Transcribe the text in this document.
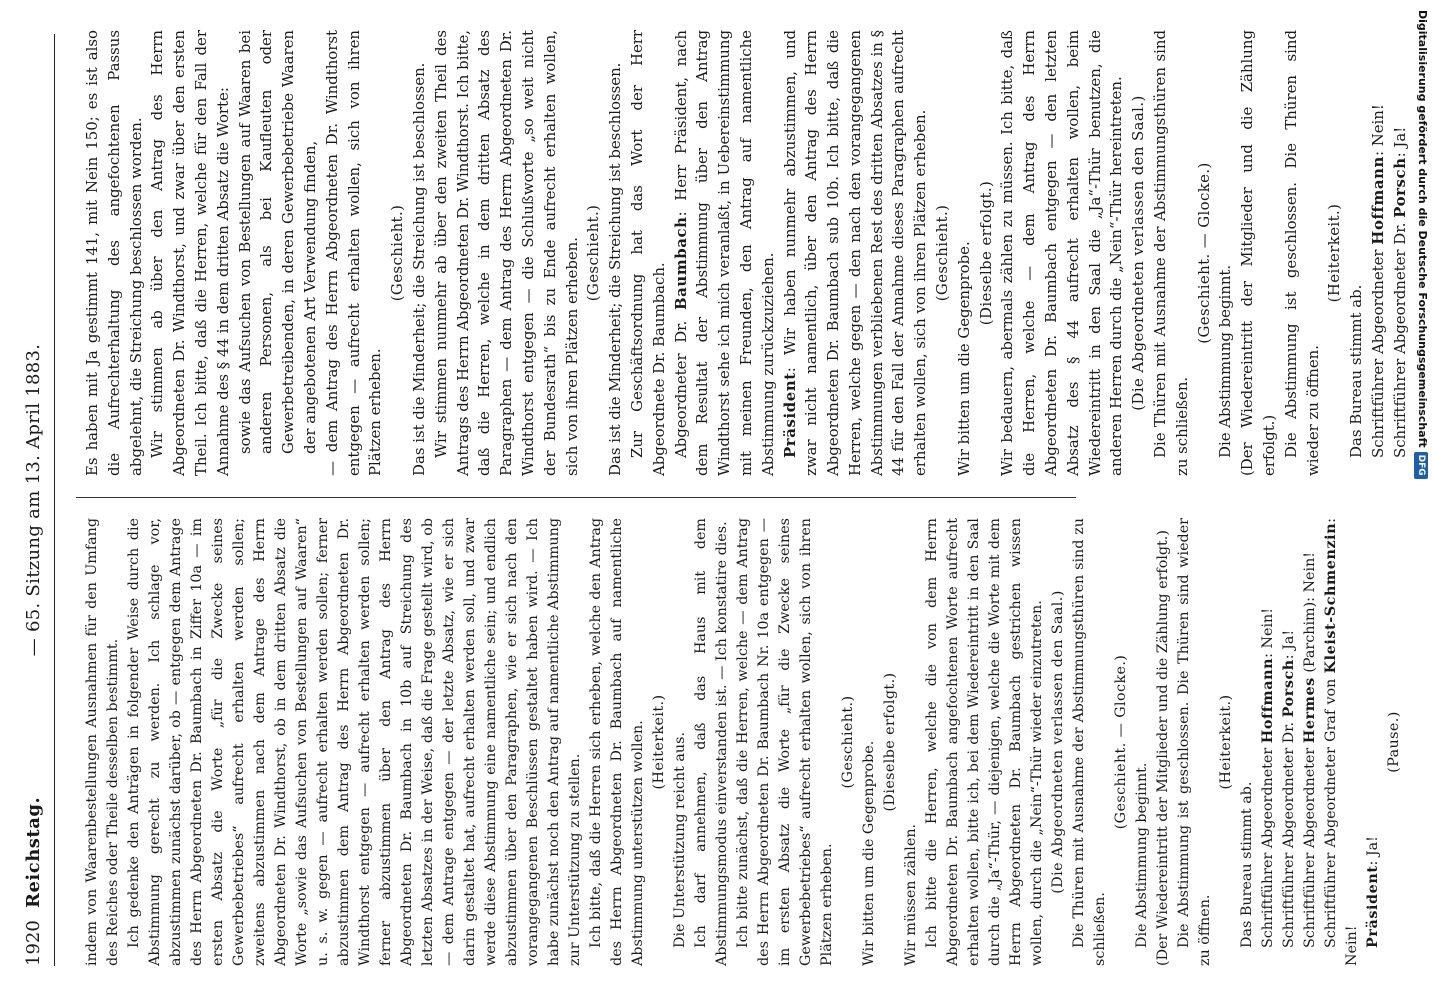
1920
Reichstag.
— 65. Sitzung am 13. April 1883.

indem von Waarenbestellungen Ausnahmen für den Umfang des Reiches oder Theile desselben bestimmt. Ich gedenke den Anträgen in folgender Weise durch die Abstimmung gerecht zu werden. Ich schlage vor, abzustimmen zunächst darüber, ob — entgegen dem Antrage des Herrn Abgeordneten Dr. Baumbach in Ziffer 10a — im ersten Absatz die Worte „für die Zwecke seines Gewerbebetriebes“ aufrecht erhalten werden sollen; zweitens abzustimmen nach dem Antrage des Herrn Abgeordneten Dr. Windthorst, ob in dem dritten Absatz die Worte „sowie das Aufsuchen von Bestellungen auf Waaren“ u. s. w. gegen — aufrecht erhalten werden sollen; ferner abzustimmen dem Antrag des Herrn Abgeordneten Dr. Windthorst entgegen — aufrecht erhalten werden sollen; ferner abzustimmen über den Antrag des Herrn Abgeordneten Dr. Baumbach in 10b auf Streichung des letzten Absatzes in der Weise, daß die Frage gestellt wird, ob — dem Antrage entgegen — der letzte Absatz, wie er sich darin gestaltet hat, aufrecht erhalten werden soll, und zwar werde diese Abstimmung eine namentliche sein; und endlich abzustimmen über den Paragraphen, wie er sich nach den vorangegangenen Beschlüssen gestaltet haben wird. — Ich habe zunächst noch den Antrag auf namentliche Abstimmung zur Unterstützung zu stellen. Ich bitte, daß die Herren sich erheben, welche den Antrag des Herrn Abgeordneten Dr. Baumbach auf namentliche Abstimmung unterstützen wollen. (Heiterkeit.) Die Unterstützung reicht aus. Ich darf annehmen, daß das Haus mit dem Abstimmungsmodus einverstanden ist. — Ich konstatire dies. Ich bitte zunächst, daß die Herren, welche — dem Antrag des Herrn Abgeordneten Dr. Baumbach Nr. 10a entgegen — im ersten Absatz die Worte „für die Zwecke seines Gewerbebetriebes“ aufrecht erhalten wollen, sich von ihren Plätzen erheben.

(Geschieht.) Wir bitten um die Gegenprobe. (Dieselbe erfolgt.)

Wir müssen zählen. Ich bitte die Herren, welche die von dem Herrn Abgeordneten Dr. Baumbach angefochtenen Worte aufrecht erhalten wollen, bitte ich, bei dem Wiedereintritt in den Saal durch die „Ja“-Thür, — diejenigen, welche die Worte mit dem Herrn Abgeordneten Dr. Baumbach gestrichen wissen wollen, durch die „Nein“-Thür wieder einzutreten. (Die Abgeordneten verlassen den Saal.) Die Thüren mit Ausnahme der Abstimmungsthüren sind zu schließen.

(Geschieht. — Glocke.)

Die Abstimmung beginnt. (Der Wiedereintritt der Mitglieder und die Zählung erfolgt.) Die Abstimmung ist geschlossen. Die Thüren sind wieder zu öffnen.

(Heiterkeit.)

Das Bureau stimmt ab. Schriftführer Abgeordneter Hoffmann: Nein!

Schriftführer Abgeordneter Dr. Porsch: Ja!

Schriftführer Abgeordneter Hermes (Parchim): Nein!

Schriftführer Abgeordneter Graf von Kleist-Schmenzin: Nein! Präsident: Ja!

(Pause.)

Es haben mit Ja gestimmt 141, mit Nein 150; es ist also die Aufrechterhaltung des angefochtenen Passus abgelehnt, die Streichung beschlossen worden. Wir stimmen ab über den Antrag des Herrn Abgeordneten Dr. Windthorst, und zwar über den ersten Theil. Ich bitte, daß die Herren, welche für den Fall der Annahme des § 44 in dem dritten Absatz die Worte: sowie das Aufsuchen von Bestellungen auf Waaren bei anderen Personen, als bei Kaufleuten oder Gewerbetreibenden, in deren Gewerbebetriebe Waaren der angebotenen Art Verwendung finden, — dem Antrag des Herrn Abgeordneten Dr. Windthorst entgegen — aufrecht erhalten wollen, sich von ihren Plätzen erheben.

(Geschieht.) Das ist die Minderheit; die Streichung ist beschlossen. Wir stimmen nunmehr ab über den zweiten Theil des Antrags des Herrn Abgeordneten Dr. Windthorst. Ich bitte, daß die Herren, welche in dem dritten Absatz des Paragraphen — dem Antrag des Herrn Abgeordneten Dr. Windthorst entgegen — die Schlußworte „so weit nicht der Bundesrath“ bis zu Ende aufrecht erhalten wollen, sich von ihren Plätzen erheben. (Geschieht.) Das ist die Minderheit; die Streichung ist beschlossen. Zur Geschäftsordnung hat das Wort der Herr Abgeordnete Dr. Baumbach. Abgeordneter Dr. Baumbach: Herr Präsident, nach dem Resultat der Abstimmung über den Antrag Windthorst sehe ich mich veranlaßt, in Uebereinstimmung mit meinen Freunden, den Antrag auf namentliche Abstimmung zurückzuziehen. Präsident: Wir haben nunmehr abzustimmen, und zwar nicht namentlich, über den Antrag des Herrn Abgeordneten Dr. Baumbach sub 10b. Ich bitte, daß die Herren, welche gegen — den nach den vorangegangenen Abstimmungen verbliebenen Rest des dritten Absatzes in § 44 für den Fall der Annahme dieses Paragraphen aufrecht erhalten wollen, sich von ihren Plätzen erheben. (Geschieht.) Wir bitten um die Gegenprobe. (Dieselbe erfolgt.) Wir bedauern, abermals zählen zu müssen. Ich bitte, daß die Herren, welche — dem Antrag des Herrn Abgeordneten Dr. Baumbach entgegen — den letzten Absatz des § 44 aufrecht erhalten wollen, beim Wiedereintritt in den Saal die „Ja“-Thür benutzen, die anderen Herren durch die „Nein“-Thür hereintreten. (Die Abgeordneten verlassen den Saal.) Die Thüren mit Ausnahme der Abstimmungsthüren sind zu schließen.

(Geschieht. — Glocke.)

Die Abstimmung beginnt. (Der Wiedereintritt der Mitglieder und die Zählung erfolgt.) Die Abstimmung ist geschlossen. Die Thüren sind wieder zu öffnen.

(Heiterkeit.)

Das Bureau stimmt ab. Schriftführer Abgeordneter Hoffmann: Nein!

Schriftführer Abgeordneter Dr. Porsch: Ja! Digitalisierung gefördert durch die Deutsche ForschungsgemeinschaftDFG
